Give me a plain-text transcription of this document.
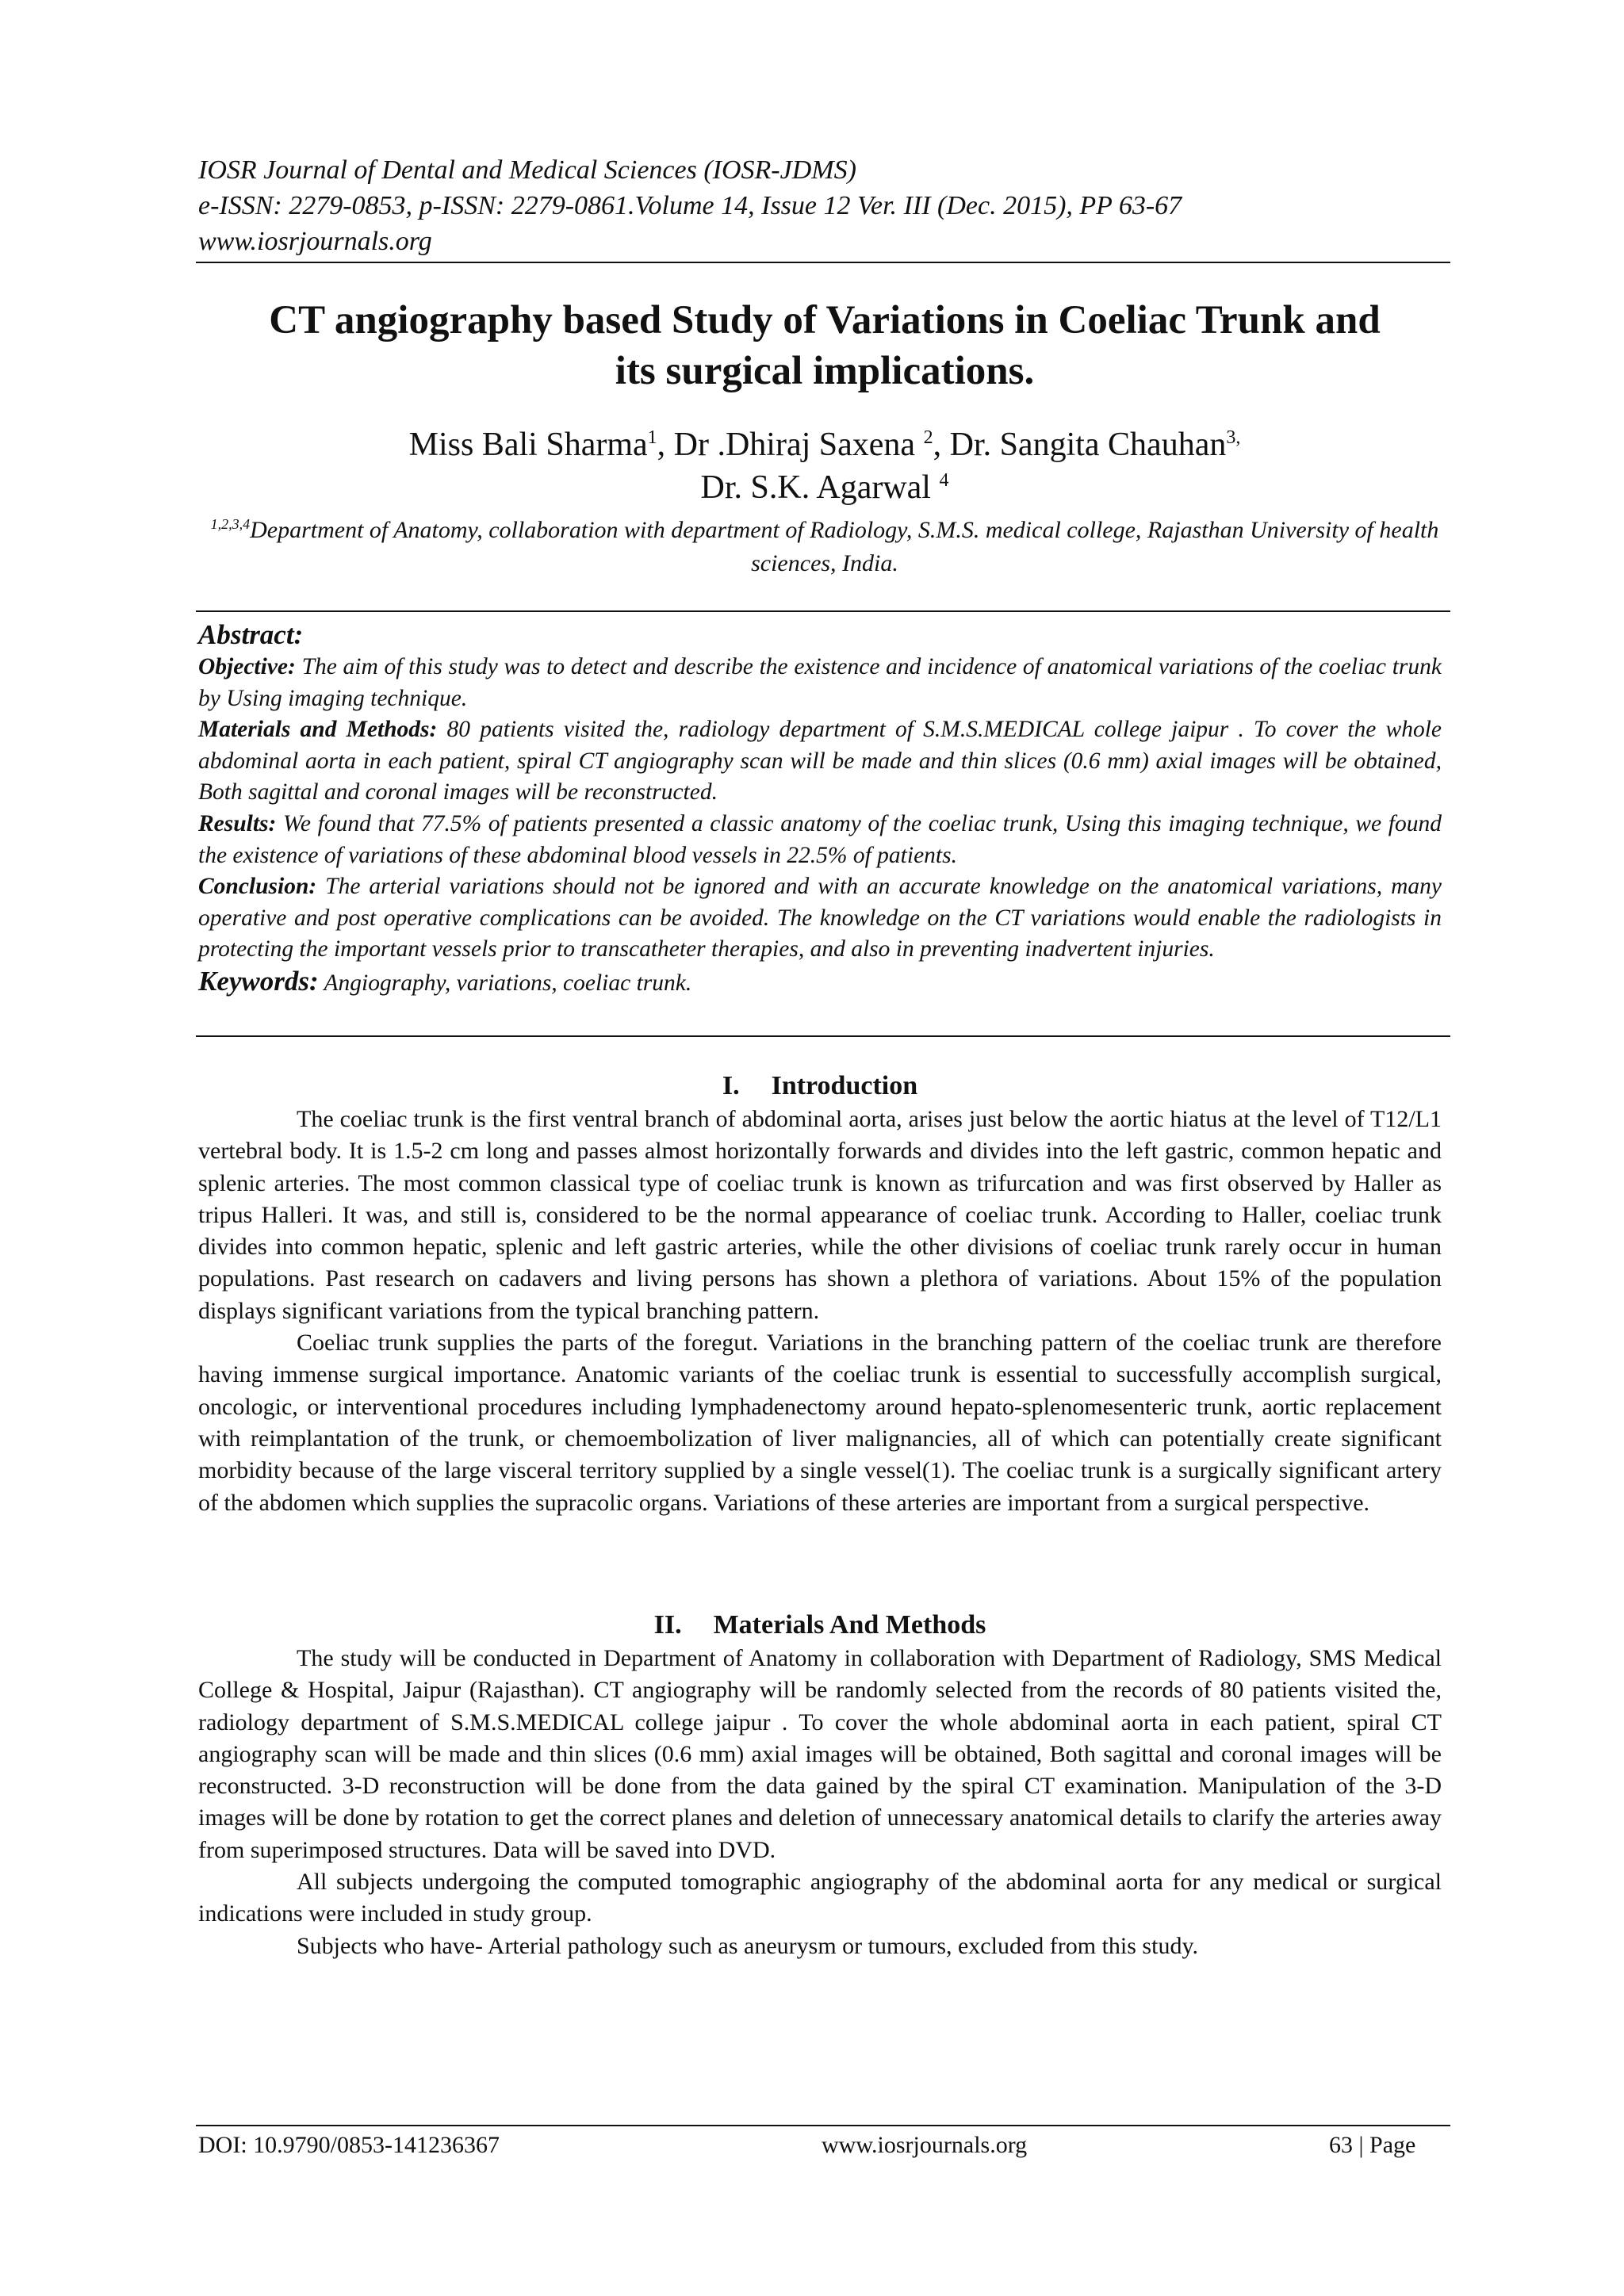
IOSR Journal of Dental and Medical Sciences (IOSR-JDMS)
e-ISSN: 2279-0853, p-ISSN: 2279-0861.Volume 14, Issue 12 Ver. III (Dec. 2015), PP 63-67
www.iosrjournals.org
CT angiography based Study of Variations in Coeliac Trunk and
its surgical implications.
Miss Bali Sharma$^1$, Dr .Dhiraj Saxena $^2$, Dr. Sangita Chauhan$^{3,}$
Dr. S.K. Agarwal $^4$
$^{1,2,3,4}$Department of Anatomy, collaboration with department of Radiology, S.M.S. medical college, Rajasthan University of health sciences, India.

Abstract:

Objective: The aim of this study was to detect and describe the existence and incidence of anatomical variations of the coeliac trunk by Using imaging technique.

Materials and Methods: 80 patients visited the, radiology department of S.M.S.MEDICAL college jaipur . To cover the whole abdominal aorta in each patient, spiral CT angiography scan will be made and thin slices (0.6 mm) axial images will be obtained, Both sagittal and coronal images will be reconstructed.

Results: We found that 77.5% of patients presented a classic anatomy of the coeliac trunk, Using this imaging technique, we found the existence of variations of these abdominal blood vessels in 22.5% of patients.

Conclusion: The arterial variations should not be ignored and with an accurate knowledge on the anatomical variations, many operative and post operative complications can be avoided. The knowledge on the CT variations would enable the radiologists in protecting the important vessels prior to transcatheter therapies, and also in preventing inadvertent injuries.

Keywords: Angiography, variations, coeliac trunk.

I. Introduction

The coeliac trunk is the first ventral branch of abdominal aorta, arises just below the aortic hiatus at the level of T12/L1 vertebral body. It is 1.5-2 cm long and passes almost horizontally forwards and divides into the left gastric, common hepatic and splenic arteries. The most common classical type of coeliac trunk is known as trifurcation and was first observed by Haller as tripus Halleri. It was, and still is, considered to be the normal appearance of coeliac trunk. According to Haller, coeliac trunk divides into common hepatic, splenic and left gastric arteries, while the other divisions of coeliac trunk rarely occur in human populations. Past research on cadavers and living persons has shown a plethora of variations. About 15% of the population displays significant variations from the typical branching pattern.

Coeliac trunk supplies the parts of the foregut. Variations in the branching pattern of the coeliac trunk are therefore having immense surgical importance. Anatomic variants of the coeliac trunk is essential to successfully accomplish surgical, oncologic, or interventional procedures including lymphadenectomy around hepato-splenomesenteric trunk, aortic replacement with reimplantation of the trunk, or chemoembolization of liver malignancies, all of which can potentially create significant morbidity because of the large visceral territory supplied by a single vessel(1). The coeliac trunk is a surgically significant artery of the abdomen which supplies the supracolic organs. Variations of these arteries are important from a surgical perspective.

II. Materials And Methods

The study will be conducted in Department of Anatomy in collaboration with Department of Radiology, SMS Medical College & Hospital, Jaipur (Rajasthan). CT angiography will be randomly selected from the records of 80 patients visited the, radiology department of S.M.S.MEDICAL college jaipur . To cover the whole abdominal aorta in each patient, spiral CT angiography scan will be made and thin slices (0.6 mm) axial images will be obtained, Both sagittal and coronal images will be reconstructed. 3-D reconstruction will be done from the data gained by the spiral CT examination. Manipulation of the 3-D images will be done by rotation to get the correct planes and deletion of unnecessary anatomical details to clarify the arteries away from superimposed structures. Data will be saved into DVD.

All subjects undergoing the computed tomographic angiography of the abdominal aorta for any medical or surgical indications were included in study group.

Subjects who have- Arterial pathology such as aneurysm or tumours, excluded from this study.

DOI: 10.9790/0853-141236367	www.iosrjournals.org	63 | Page
